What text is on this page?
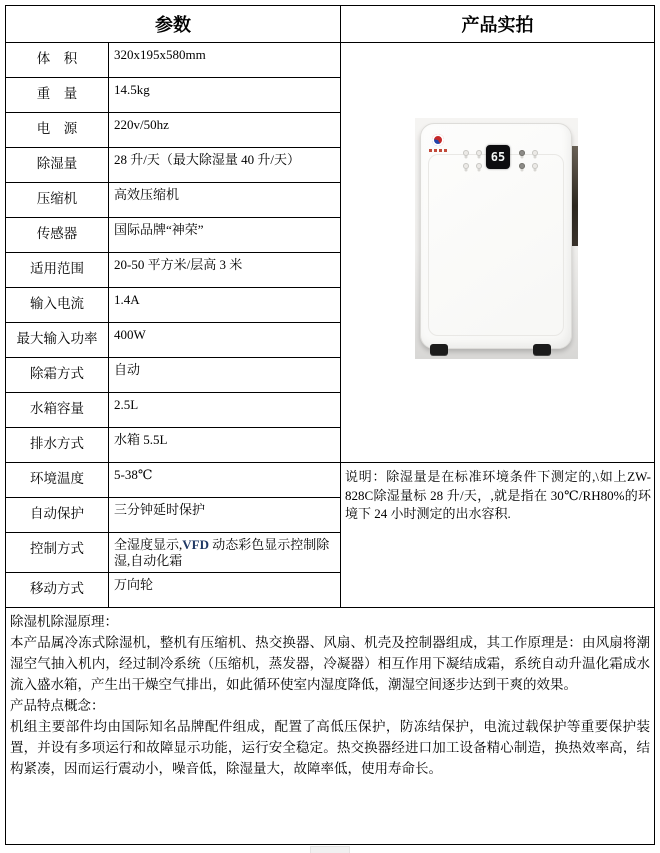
参数
体　积	320x195x580mm
重　量	14.5kg
电　源	220v/50hz
除湿量	28 升/天（最大除湿量 40 升/天）
压缩机	高效压缩机
传感器	国际品牌“神荣”
适用范围	20-50 平方米/层高 3 米
输入电流	1.4A
最大输入功率	400W
除霜方式	自动
水箱容量	2.5L
排水方式	水箱 5.5L
环境温度	5-38℃
自动保护	三分钟延时保护
控制方式	全湿度显示,VFD 动态彩色显示控制除湿,自动化霜
移动方式	万向轮
产品实拍
65
说明：除湿量是在标准环境条件下测定的,\如上ZW-828C除湿量标 28 升/天，,就是指在 30℃/RH80%的环境下 24 小时测定的出水容积.
除湿机除湿原理：
本产品属冷冻式除湿机，整机有压缩机、热交换器、风扇、机壳及控制器组成，其工作原理是：由风扇将潮湿空气抽入机内，经过制冷系统（压缩机，蒸发器，冷凝器）相互作用下凝结成霜，系统自动升温化霜成水流入盛水箱，产生出干燥空气排出，如此循环使室内湿度降低，潮湿空间逐步达到干爽的效果。
产品特点概念：
机组主要部件均由国际知名品牌配件组成，配置了高低压保护，防冻结保护，电流过载保护等重要保护装置，并设有多项运行和故障显示功能，运行安全稳定。热交换器经进口加工设备精心制造，换热效率高，结构紧凑，因而运行震动小，噪音低，除湿量大，故障率低，使用寿命长。
